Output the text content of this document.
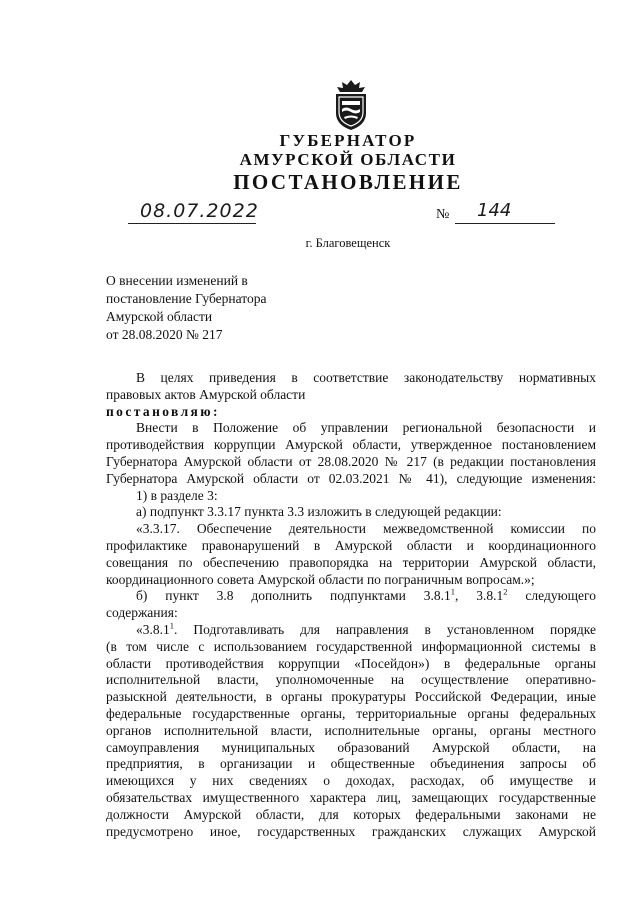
ГУБЕРНАТОР
АМУРСКОЙ ОБЛАСТИ
ПОСТАНОВЛЕНИЕ
08.07.2022	№ 144
г. Благовещенск
О внесении изменений в
постановление Губернатора
Амурской области
от 28.08.2020 № 217
В целях приведения в соответствие законодательству нормативных
правовых актов Амурской области
постановляю:
Внести в Положение об управлении региональной безопасности и
противодействия коррупции Амурской области, утвержденное постановлением
Губернатора Амурской области от 28.08.2020 № 217 (в редакции постановления
Губернатора Амурской области от 02.03.2021 № 41), следующие изменения:
1) в разделе 3:
а) подпункт 3.3.17 пункта 3.3 изложить в следующей редакции:
«3.3.17. Обеспечение деятельности межведомственной комиссии по
профилактике правонарушений в Амурской области и координационного
совещания по обеспечению правопорядка на территории Амурской области,
координационного совета Амурской области по пограничным вопросам.»;
б) пункт 3.8 дополнить подпунктами 3.8.1$^1$, 3.8.1$^2$ следующего
содержания:
«3.8.1$^1$. Подготавливать для направления в установленном порядке
(в том числе с использованием государственной информационной системы в
области противодействия коррупции «Посейдон») в федеральные органы
исполнительной власти, уполномоченные на осуществление оперативно-
разыскной деятельности, в органы прокуратуры Российской Федерации, иные
федеральные государственные органы, территориальные органы федеральных
органов исполнительной власти, исполнительные органы, органы местного
самоуправления муниципальных образований Амурской области, на
предприятия, в организации и общественные объединения запросы об
имеющихся у них сведениях о доходах, расходах, об имуществе и
обязательствах имущественного характера лиц, замещающих государственные
должности Амурской области, для которых федеральными законами не
предусмотрено иное, государственных гражданских служащих Амурской
